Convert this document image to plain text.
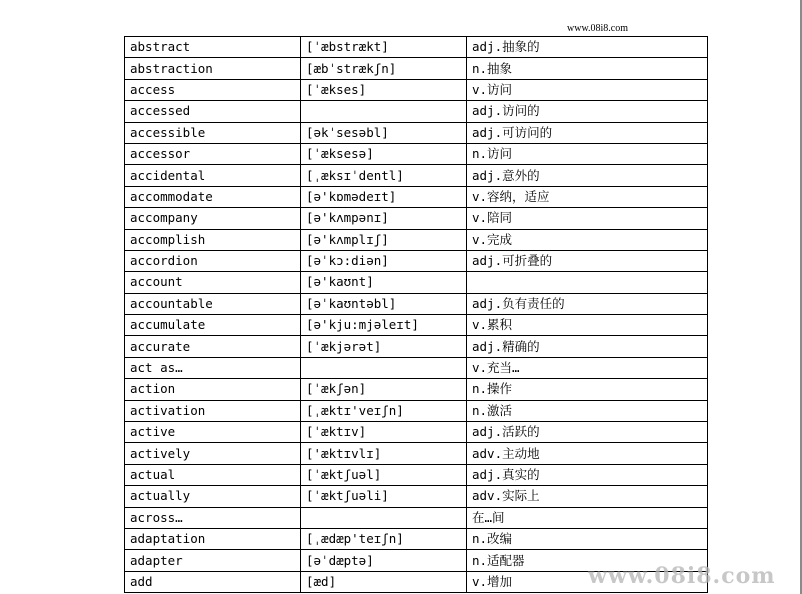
www.08i8.com
abstract	[ˈæbstrækt]	adj.抽象的
abstraction	[æbˈstrækʃn]	n.抽象
access	[ˈækses]	v.访问
accessed		adj.访问的
accessible	[əkˈsesəbl]	adj.可访问的
accessor	[ˈæksesə]	n.访问
accidental	[ˌæksɪˈdentl]	adj.意外的
accommodate	[ə'kɒmədeɪt]	v.容纳，适应
accompany	[ə'kʌmpənɪ]	v.陪同
accomplish	[ə'kʌmplɪʃ]	v.完成
accordion	[əˈkɔ:diən]	adj.可折叠的
account	[ə'kaʊnt]	
accountable	[əˈkaʊntəbl]	adj.负有责任的
accumulate	[ə'kju:mjəleɪt]	v.累积
accurate	[ˈækjərət]	adj.精确的
act as…		v.充当…
action	[ˈækʃən]	n.操作
activation	[ˌæktɪ'veɪʃn]	n.激活
active	[ˈæktɪv]	adj.活跃的
actively	['æktɪvlɪ]	adv.主动地
actual	[ˈæktʃuəl]	adj.真实的
actually	[ˈæktʃuəli]	adv.实际上
across…		在…间
adaptation	[ˌædæp'teɪʃn]	n.改编
adapter	[əˈdæptə]	n.适配器
add	[æd]	v.增加	www.08i8.com
